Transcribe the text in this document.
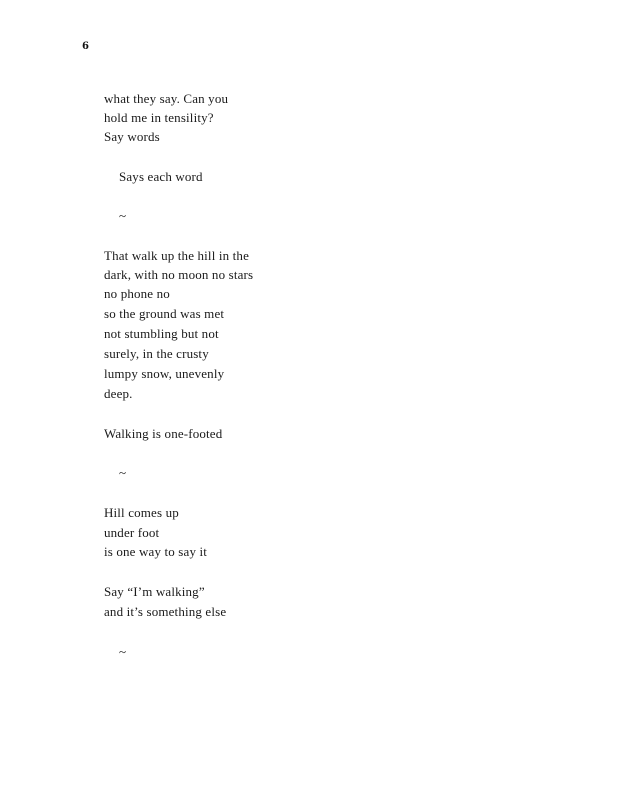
6
what they say. Can you
hold me in tensility?
Say words
Says each word
~
That walk up the hill in the
dark, with no moon no stars
no phone no
so the ground was met
not stumbling but not
surely, in the crusty
lumpy snow, unevenly
deep.
Walking is one-footed
~
Hill comes up
under foot
is one way to say it
Say “I’m walking”
and it’s something else
~
